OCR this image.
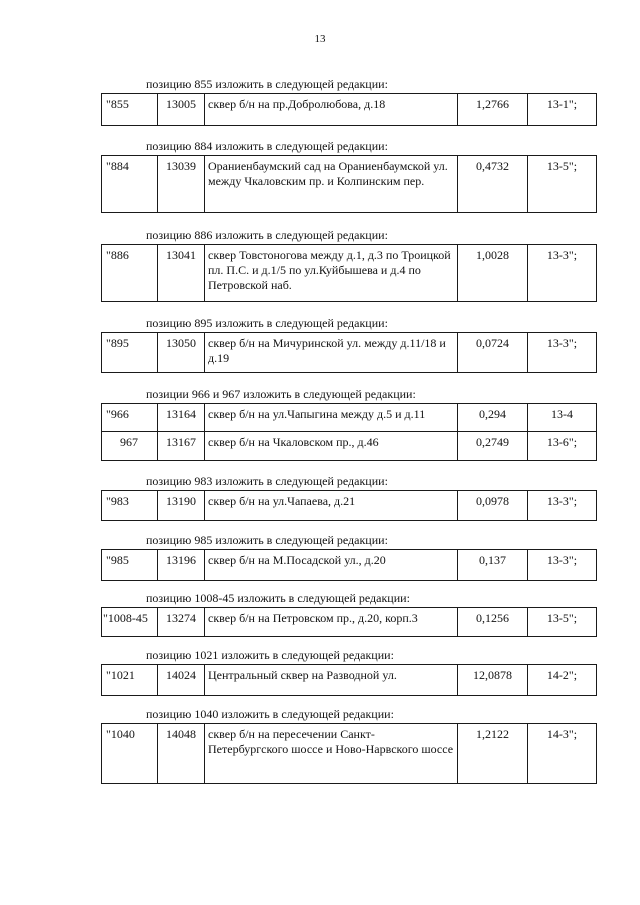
13
позицию 855 изложить в следующей редакции:
"855	13005	сквер б/н на пр.Добролюбова, д.18	1,2766	13-1";
позицию 884 изложить в следующей редакции:
"884	13039	Ораниенбаумский сад на Ораниенбаумской ул. между Чкаловским пр. и Колпинским пер.	0,4732	13-5";
позицию 886 изложить в следующей редакции:
"886	13041	сквер Товстоногова между д.1, д.3 по Троицкой пл. П.С. и д.1/5 по ул.Куйбышева и д.4 по Петровской наб.	1,0028	13-3";
позицию 895 изложить в следующей редакции:
"895	13050	сквер б/н на Мичуринской ул. между д.11/18 и д.19	0,0724	13-3";
позиции 966 и 967 изложить в следующей редакции:
"966	13164	сквер б/н на ул.Чапыгина между д.5 и д.11	0,294	13-4
967	13167	сквер б/н на Чкаловском пр., д.46	0,2749	13-6";
позицию 983 изложить в следующей редакции:
"983	13190	сквер б/н на ул.Чапаева, д.21	0,0978	13-3";
позицию 985 изложить в следующей редакции:
"985	13196	сквер б/н на М.Посадской ул., д.20	0,137	13-3";
позицию 1008-45 изложить в следующей редакции:
"1008-45	13274	сквер б/н на Петровском пр., д.20, корп.3	0,1256	13-5";
позицию 1021 изложить в следующей редакции:
"1021	14024	Центральный сквер на Разводной ул.	12,0878	14-2";
позицию 1040 изложить в следующей редакции:
"1040	14048	сквер б/н на пересечении Санкт-Петербургского шоссе и Ново-Нарвского шоссе	1,2122	14-3";
